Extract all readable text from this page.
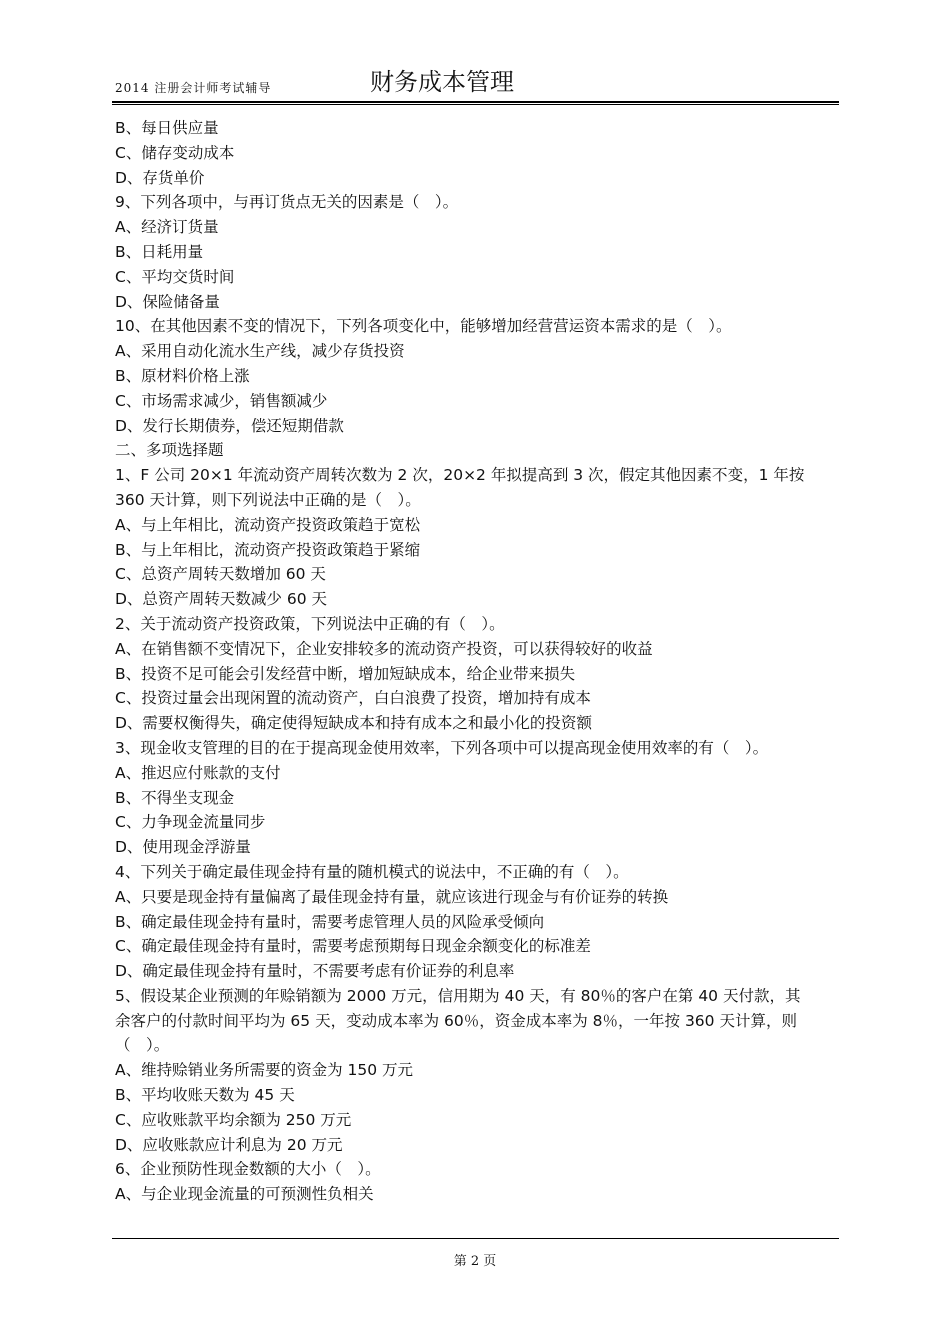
2014 注册会计师考试辅导	财务成本管理
B、每日供应量
C、储存变动成本
D、存货单价
9、下列各项中，与再订货点无关的因素是（　）。
A、经济订货量
B、日耗用量
C、平均交货时间
D、保险储备量
10、在其他因素不变的情况下，下列各项变化中，能够增加经营营运资本需求的是（　）。
A、采用自动化流水生产线，减少存货投资
B、原材料价格上涨
C、市场需求减少，销售额减少
D、发行长期债券，偿还短期借款
二、多项选择题
1、F 公司 20×1 年流动资产周转次数为 2 次，20×2 年拟提高到 3 次，假定其他因素不变，1 年按
360 天计算，则下列说法中正确的是（　）。
A、与上年相比，流动资产投资政策趋于宽松
B、与上年相比，流动资产投资政策趋于紧缩
C、总资产周转天数增加 60 天
D、总资产周转天数减少 60 天
2、关于流动资产投资政策，下列说法中正确的有（　）。
A、在销售额不变情况下，企业安排较多的流动资产投资，可以获得较好的收益
B、投资不足可能会引发经营中断，增加短缺成本，给企业带来损失
C、投资过量会出现闲置的流动资产，白白浪费了投资，增加持有成本
D、需要权衡得失，确定使得短缺成本和持有成本之和最小化的投资额
3、现金收支管理的目的在于提高现金使用效率，下列各项中可以提高现金使用效率的有（　）。
A、推迟应付账款的支付
B、不得坐支现金
C、力争现金流量同步
D、使用现金浮游量
4、下列关于确定最佳现金持有量的随机模式的说法中，不正确的有（　）。
A、只要是现金持有量偏离了最佳现金持有量，就应该进行现金与有价证券的转换
B、确定最佳现金持有量时，需要考虑管理人员的风险承受倾向
C、确定最佳现金持有量时，需要考虑预期每日现金余额变化的标准差
D、确定最佳现金持有量时，不需要考虑有价证券的利息率
5、假设某企业预测的年赊销额为 2000 万元，信用期为 40 天，有 80％的客户在第 40 天付款，其
余客户的付款时间平均为 65 天，变动成本率为 60％，资金成本率为 8％，一年按 360 天计算，则
（　）。
A、维持赊销业务所需要的资金为 150 万元
B、平均收账天数为 45 天
C、应收账款平均余额为 250 万元
D、应收账款应计利息为 20 万元
6、企业预防性现金数额的大小（　）。
A、与企业现金流量的可预测性负相关
第 2 页
